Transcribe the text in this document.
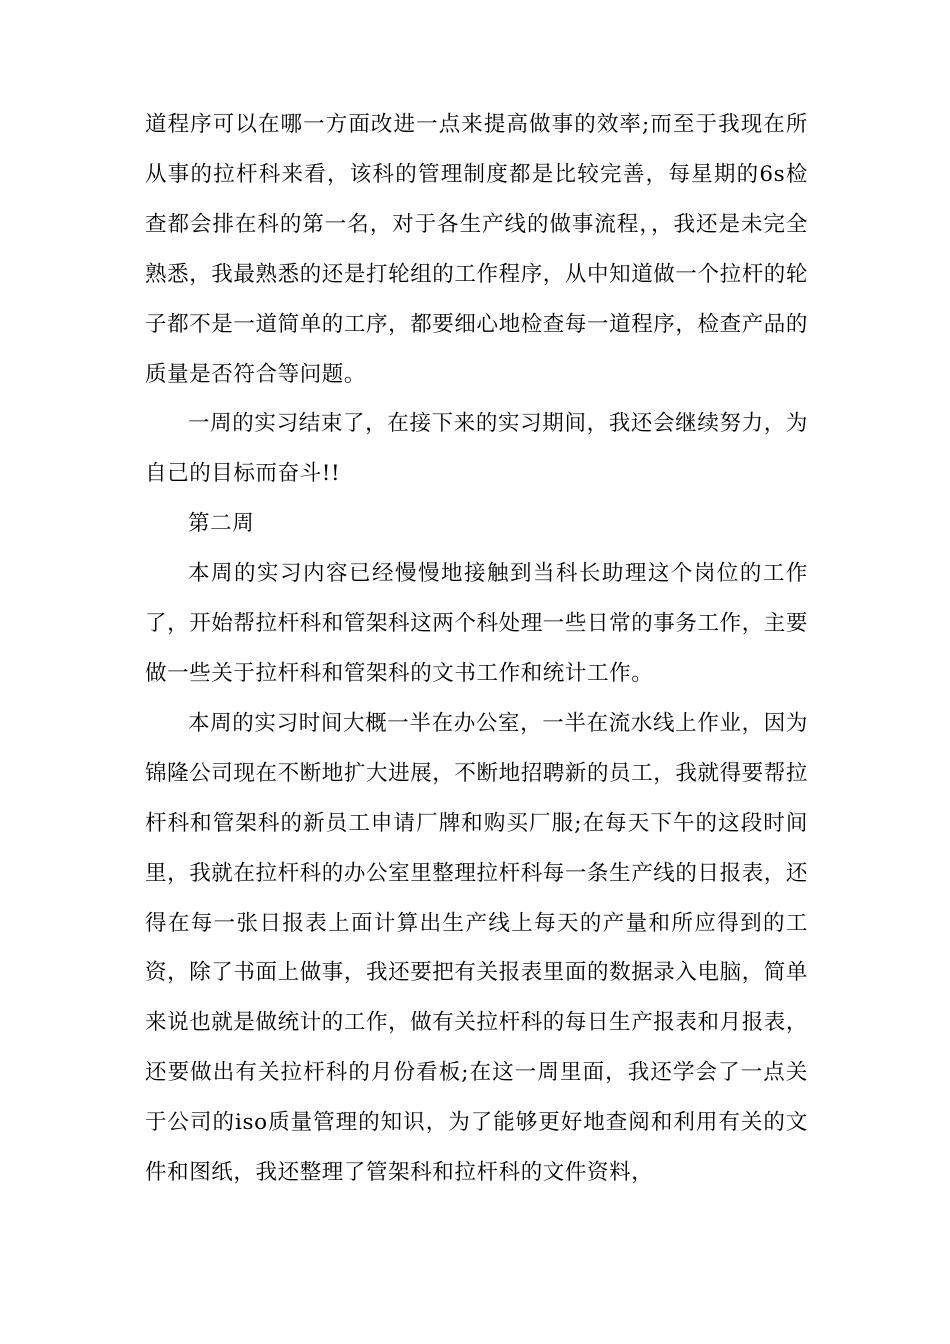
道程序可以在哪一方面改进一点来提高做事的效率;而至于我现在所从事的拉杆科来看，该科的管理制度都是比较完善，每星期的6s检查都会排在科的第一名，对于各生产线的做事流程，，我还是未完全熟悉，我最熟悉的还是打轮组的工作程序，从中知道做一个拉杆的轮子都不是一道简单的工序，都要细心地检查每一道程序，检查产品的质量是否符合等问题。

一周的实习结束了，在接下来的实习期间，我还会继续努力，为自己的目标而奋斗!!

第二周

本周的实习内容已经慢慢地接触到当科长助理这个岗位的工作了，开始帮拉杆科和管架科这两个科处理一些日常的事务工作，主要做一些关于拉杆科和管架科的文书工作和统计工作。

本周的实习时间大概一半在办公室，一半在流水线上作业，因为锦隆公司现在不断地扩大进展，不断地招聘新的员工，我就得要帮拉杆科和管架科的新员工申请厂牌和购买厂服;在每天下午的这段时间里，我就在拉杆科的办公室里整理拉杆科每一条生产线的日报表，还得在每一张日报表上面计算出生产线上每天的产量和所应得到的工资，除了书面上做事，我还要把有关报表里面的数据录入电脑，简单来说也就是做统计的工作，做有关拉杆科的每日生产报表和月报表，还要做出有关拉杆科的月份看板;在这一周里面，我还学会了一点关于公司的iso质量管理的知识，为了能够更好地查阅和利用有关的文件和图纸，我还整理了管架科和拉杆科的文件资料，
